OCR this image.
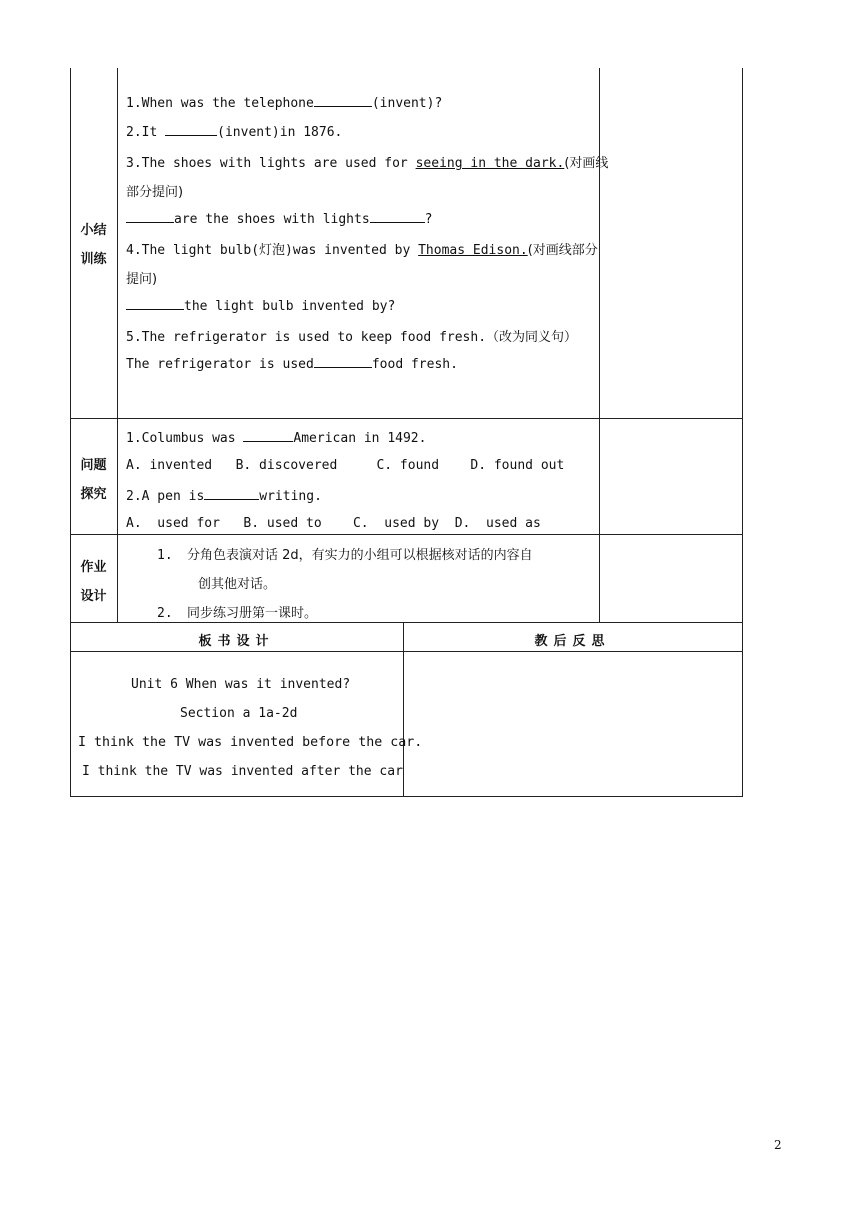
小结
训练
1.When was the telephone	(invent)?
2.It	(invent)in 1876.
3.The shoes with lights are used for seeing in the dark.(对画线
部分提问)
are the shoes with lights	?
4.The light bulb(灯泡)was invented by Thomas Edison.(对画线部分
提问)
the light bulb invented by?
5.The refrigerator is used to keep food fresh.（改为同义句）
The refrigerator is used	food fresh.
问题
探究
1.Columbus was	American in 1492.
A. invented   B. discovered     C. found    D. found out
2.A pen is	writing.
A.  used for   B. used to    C.  used by  D.  used as
作业
设计
1. 分角色表演对话 2d，有实力的小组可以根据核对话的内容自
创其他对话。
2. 同步练习册第一课时。
板书设计	教后反思
Unit 6 When was it invented?
Section a 1a-2d
I think the TV was invented before the car.
I think the TV was invented after the car
2
